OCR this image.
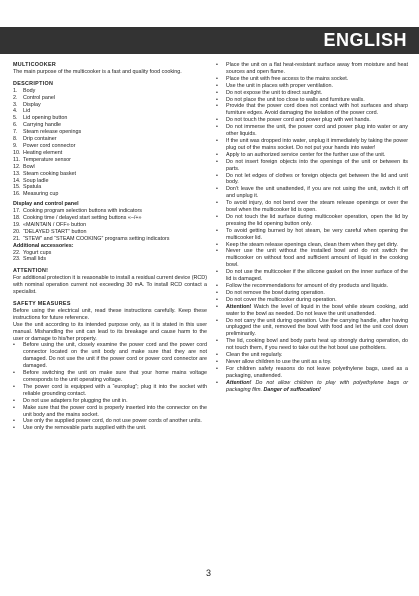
ENGLISH
MULTICOOKER
The main purpose of the multicooker is a fast and quality food cooking.
DESCRIPTION
1.	Body
2.	Control panel
3.	Display
4.	Lid
5.	Lid opening button
6.	Carrying handle
7.	Steam release openings
8.	Drip container
9.	Power cord connector
10. Heating element
11. Temperature sensor
12. Bowl
13. Steam cooking basket
14. Soup ladle
15. Spatula
16. Measuring cup
Display and control panel
17. Cooking program selection buttons with indicators
18. Cooking time / delayed start setting buttons «–/+»
19. «MAINTAIN / OFF» button
20. “DELAYED START” button
21. “STEW” and “STEAM COOKING” programs setting indicators
Additional accessories:
22. Yogurt cups
23. Small lids
ATTENTION!
For additional protection it is reasonable to install a residual current device (RCD) with nominal operation current not exceeding 30 mA. To install RCD contact a specialist.
SAFETY MEASURES
Before using the electrical unit, read these instructions carefully. Keep these instructions for future reference.
Use the unit according to its intended purpose only, as it is stated in this user manual. Mishandling the unit can lead to its breakage and cause harm to the user or damage to his/her property.
•	Before using the unit, closely examine the power cord and the power cord connector located on the unit body and make sure that they are not damaged. Do not use the unit if the power cord or power cord connector are damaged.
•	Before switching the unit on make sure that your home mains voltage corresponds to the unit operating voltage.
•	The power cord is equipped with a “europlug”; plug it into the socket with reliable grounding contact.
•	Do not use adapters for plugging the unit in.
•	Make sure that the power cord is properly inserted into the connector on the unit body and the mains socket.
•	Use only the supplied power cord, do not use power cords of another units.
•	Use only the removable parts supplied with the unit.
•	Place the unit on a flat heat-resistant surface away from moisture and heat sources and open flame.
•	Place the unit with free access to the mains socket.
•	Use the unit in places with proper ventilation.
•	Do not expose the unit to direct sunlight.
•	Do not place the unit too close to walls and furniture walls.
•	Provide that the power cord does not contact with hot surfaces and sharp furniture edges. Avoid damaging the isolation of the power cord.
•	Do not touch the power cord and power plug with wet hands.
•	Do not immerse the unit, the power cord and power plug into water or any other liquids.
•	If the unit was dropped into water, unplug it immediately by taking the power plug out of the mains socket. Do not put your hands into water!
•	Apply to an authorized service center for the further use of the unit.
•	Do not insert foreign objects into the openings of the unit or between its parts.
•	Do not let edges of clothes or foreign objects get between the lid and unit body.
•	Don’t leave the unit unattended, if you are not using the unit, switch it off and unplug it.
•	To avoid injury, do not bend over the steam release openings or over the bowl when the multicooker lid is open.
•	Do not touch the lid surface during multicooker operation, open the lid by pressing the lid opening button only.
•	To avoid getting burned by hot steam, be very careful when opening the multicooker lid.
•	Keep the steam release openings clean, clean them when they get dirty.
•	Never use the unit without the installed bowl and do not switch the multicooker on without food and sufficient amount of liquid in the cooking bowl.
•	Do not use the multicooker if the silicone gasket on the inner surface of the lid is damaged.
•	Follow the recommendations for amount of dry products and liquids.
•	Do not remove the bowl during operation.
•	Do not cover the multicooker during operation.
•	Attention! Watch the level of liquid in the bowl while steam cooking, add water to the bowl as needed. Do not leave the unit unattended.
•	Do not carry the unit during operation. Use the carrying handle, after having unplugged the unit, removed the bowl with food and let the unit cool down preliminarily.
•	The lid, cooking bowl and body parts heat up strongly during operation, do not touch them, if you need to take out the hot bowl use potholders.
•	Clean the unit regularly.
•	Never allow children to use the unit as a toy.
•	For children safety reasons do not leave polyethylene bags, used as a packaging, unattended.
•	Attention! Do not allow children to play with polyethylene bags or packaging film. Danger of suffocation!
3
